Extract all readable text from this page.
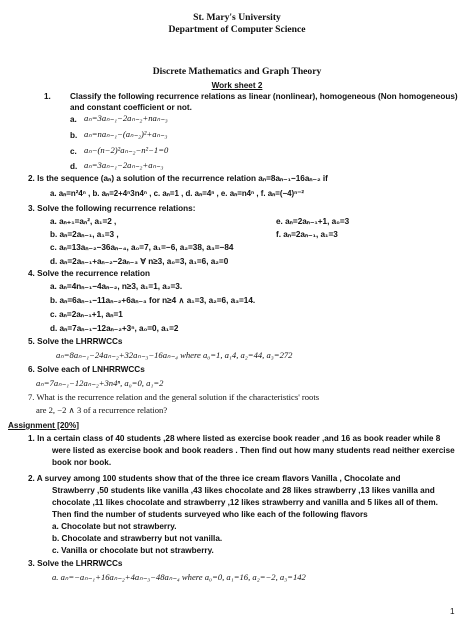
St. Mary's University
Department of Computer Science
Discrete Mathematics and Graph Theory
Work sheet 2
1. Classify the following recurrence relations as linear (nonlinear), homogeneous (Non homogeneous)
and constant coefficient or not.
a. aₙ=3aₙ₋₁−2aₙ₋₂+naₙ₋₃
b. aₙ=naₙ₋₁−(aₙ₋₂)²+aₙ₋₃
c. aₙ−(n−2)²aₙ₋₂−n²−1=0
d. aₙ=3aₙ₋₁−2aₙ₋₂+aₙ₋₃
2. Is the sequence (aₙ) a solution of the recurrence relation aₙ=8aₙ₋₁−16aₙ₋₂ if
a. aₙ=n²4ⁿ , b. aₙ=2+4ⁿ3n4ⁿ , c. aₙ=1 , d. aₙ=4ⁿ , e. aₙ=n4ⁿ , f. aₙ=(−4)ⁿ⁻²
3. Solve the following recurrence relations:
a. aₙ₊₁=aₙ², a₁=2 ,	e. aₙ=2aₙ₋₁+1, a₀=3
b. aₙ=2aₙ₋₁, a₁=3 ,	f. aₙ=2aₙ₋₁, a₁=3
c. aₙ=13aₙ₋₂−36aₙ₋₄, a₀=7, a₁=−6, a₂=38, a₃=−84
d. aₙ=2aₙ₋₁+aₙ₋₂−2aₙ₋₃ ∀ n≥3, a₀=3, a₁=6, a₂=0
4. Solve the recurrence relation
a. aₙ=4nₙ₋₁−4aₙ₋₂, n≥3, a₁=1, a₂=3.
b. aₙ=6aₙ₋₁−11aₙ₋₂+6aₙ₋₃ for n≥4 ∧ a₁=3, a₂=6, a₃=14.
c. aₙ=2aₙ₋₁+1, aₙ=1
d. aₙ=7aₙ₋₁−12aₙ₋₂+3ⁿ, a₀=0, a₁=2
5. Solve the LHRRWCCs
aₙ=8aₙ₋₁−24aₙ₋₂+32aₙ₋₃−16aₙ₋₄ where a₀=1, a₁4, a₂=44, a₃=272
6. Solve each of LNHRRWCCs
aₙ=7aₙ₋₁−12aₙ₋₂+3n4ⁿ, a₀=0, a₁=2
7. What is the recurrence relation and the general solution if the characteristics' roots
are 2, −2 ∧ 3 of a recurrence relation?
Assignment [20%]
1. In a certain class of 40 students ,28 where listed as exercise book reader ,and 16 as book reader while 8
were listed as exercise book and book readers . Then find out how many students read neither exercise
book nor book.
2. A survey among 100 students show that of the three ice cream flavors Vanilla , Chocolate and
Strawberry ,50 students like vanilla ,43 likes chocolate and 28 likes strawberry ,13 likes vanilla and
chocolate ,11 likes chocolate and strawberry ,12 likes strawberry and vanilla and 5 likes all of them.
Then find the number of students surveyed who like each of the following flavors
a. Chocolate but not strawberry.
b. Chocolate and strawberry but not vanilla.
c. Vanilla or chocolate but not strawberry.
3. Solve the LHRRWCCs
a. aₙ=−aₙ₋₁+16aₙ₋₂+4aₙ₋₃−48aₙ₋₄ where a₀=0, a₁=16, a₂=−2, a₃=142
1
